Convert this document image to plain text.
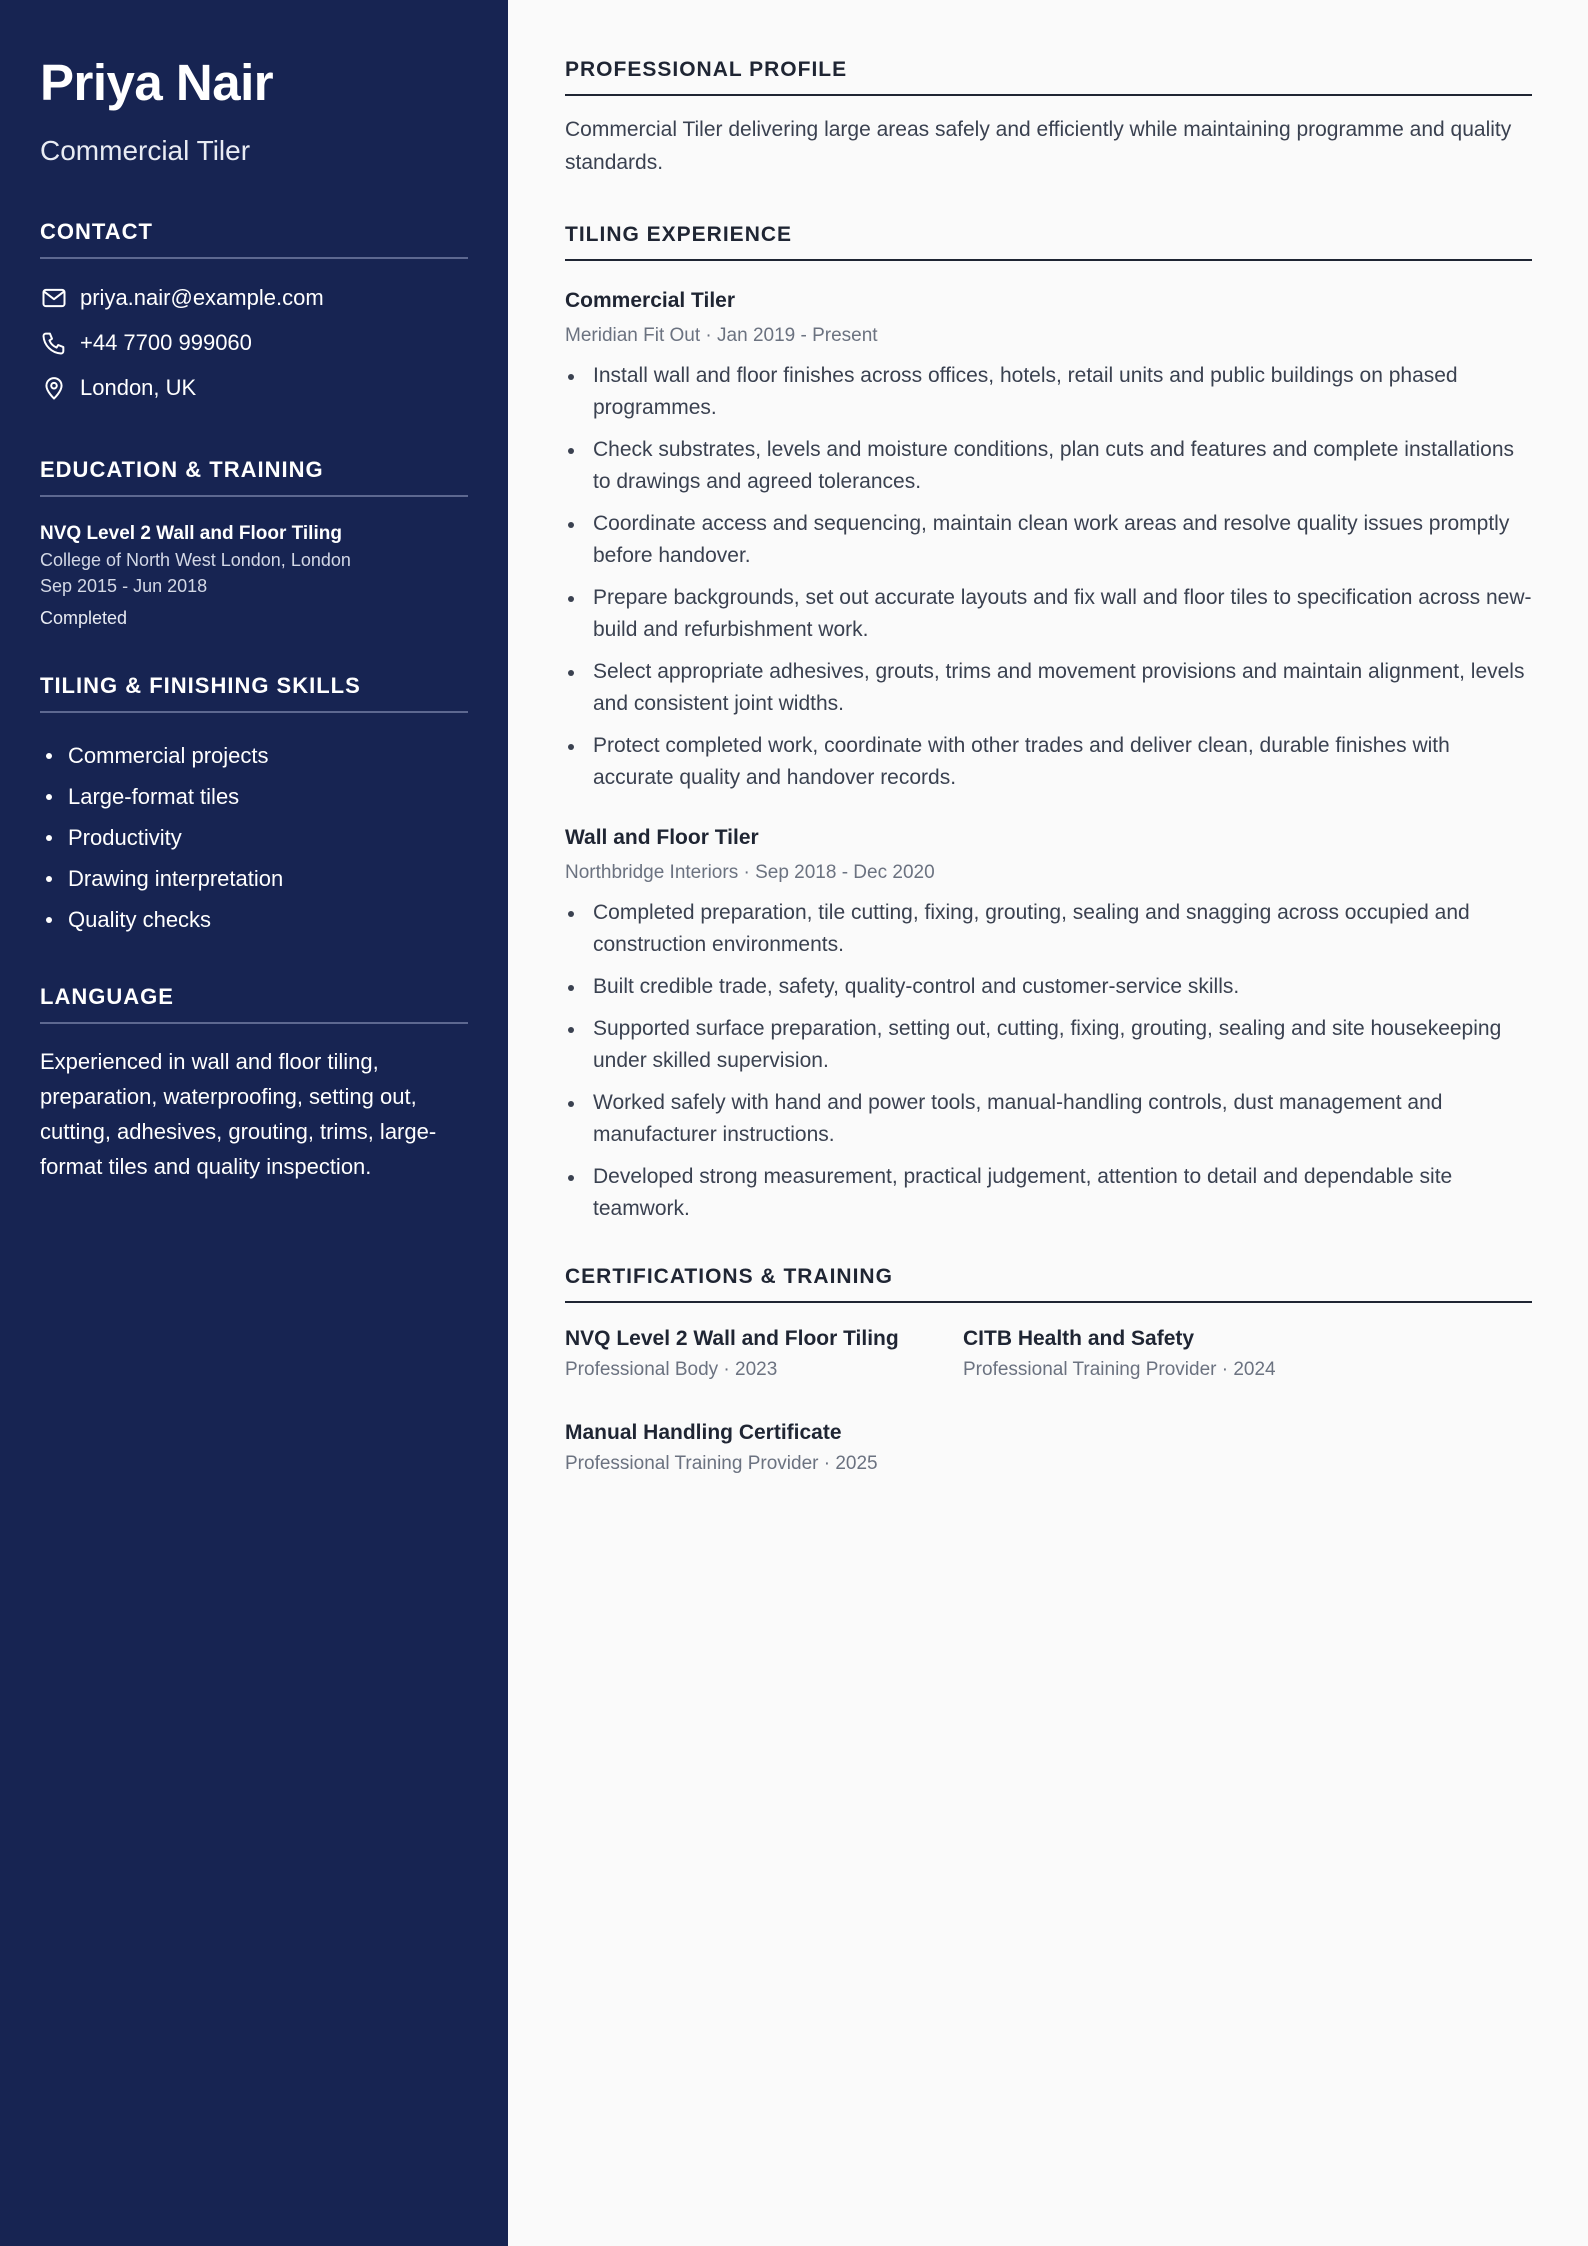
Priya Nair
Commercial Tiler
CONTACT
priya.nair@example.com
+44 7700 999060
London, UK
EDUCATION & TRAINING
NVQ Level 2 Wall and Floor Tiling
College of North West London, London
Sep 2015 - Jun 2018
Completed
TILING & FINISHING SKILLS
Commercial projects
Large-format tiles
Productivity
Drawing interpretation
Quality checks
LANGUAGE

Experienced in wall and floor tiling, preparation, waterproofing, setting out, cutting, adhesives, grouting, trims, large-format tiles and quality inspection.

PROFESSIONAL PROFILE

Commercial Tiler delivering large areas safely and efficiently while maintaining programme and quality standards.

TILING EXPERIENCE
Commercial Tiler
Meridian Fit Out · Jan 2019 - Present
Install wall and floor finishes across offices, hotels, retail units and public buildings on phased programmes.
Check substrates, levels and moisture conditions, plan cuts and features and complete installations to drawings and agreed tolerances.
Coordinate access and sequencing, maintain clean work areas and resolve quality issues promptly before handover.
Prepare backgrounds, set out accurate layouts and fix wall and floor tiles to specification across new-build and refurbishment work.
Select appropriate adhesives, grouts, trims and movement provisions and maintain alignment, levels and consistent joint widths.
Protect completed work, coordinate with other trades and deliver clean, durable finishes with accurate quality and handover records.
Wall and Floor Tiler
Northbridge Interiors · Sep 2018 - Dec 2020
Completed preparation, tile cutting, fixing, grouting, sealing and snagging across occupied and construction environments.
Built credible trade, safety, quality-control and customer-service skills.
Supported surface preparation, setting out, cutting, fixing, grouting, sealing and site housekeeping under skilled supervision.
Worked safely with hand and power tools, manual-handling controls, dust management and manufacturer instructions.
Developed strong measurement, practical judgement, attention to detail and dependable site teamwork.
CERTIFICATIONS & TRAINING
NVQ Level 2 Wall and Floor Tiling
Professional Body · 2023
CITB Health and Safety
Professional Training Provider · 2024
Manual Handling Certificate
Professional Training Provider · 2025
